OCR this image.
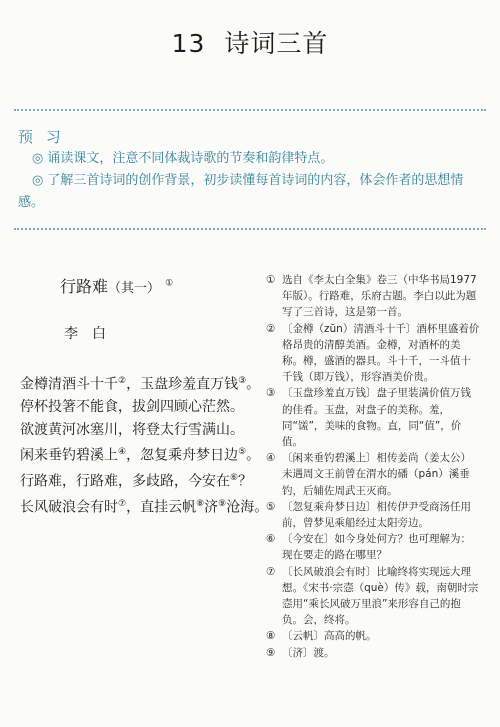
13 诗词三首
预 习
◎ 诵读课文，注意不同体裁诗歌的节奏和韵律特点。
◎ 了解三首诗词的创作背景，初步读懂每首诗词的内容，体会作者的思想情感。
行路难（其一） ①
李白
金樽清酒斗十千②，玉盘珍羞直万钱③。
停杯投箸不能食，拔剑四顾心茫然。
欲渡黄河冰塞川，将登太行雪满山。
闲来垂钓碧溪上④，忽复乘舟梦日边⑤。
行路难，行路难，多歧路，今安在⑥？
长风破浪会有时⑦，直挂云帆⑧济⑨沧海。
① 选自《李太白全集》卷三（中华书局1977年版）。行路难，乐府古题。李白以此为题写了三首诗，这是第一首。
② 〔金樽（zūn）清酒斗十千〕酒杯里盛着价格昂贵的清醇美酒。金樽，对酒杯的美称。樽，盛酒的器具。斗十千，一斗值十千钱（即万钱），形容酒美价贵。
③ 〔玉盘珍羞直万钱〕盘子里装满价值万钱的佳肴。玉盘，对盘子的美称。羞，同“馐”，美味的食物。直，同“值”，价值。
④ 〔闲来垂钓碧溪上〕相传姜尚（姜太公）未遇周文王前曾在渭水的磻（pán）溪垂钓，后辅佐周武王灭商。
⑤ 〔忽复乘舟梦日边〕相传伊尹受商汤任用前，曾梦见乘船经过太阳旁边。
⑥ 〔今安在〕如今身处何方？也可理解为：现在要走的路在哪里？
⑦ 〔长风破浪会有时〕比喻终将实现远大理想。《宋书·宗悫（què）传》载，南朝时宗悫用“乘长风破万里浪”来形容自己的抱负。会，终将。
⑧ 〔云帆〕高高的帆。
⑨ 〔济〕渡。
